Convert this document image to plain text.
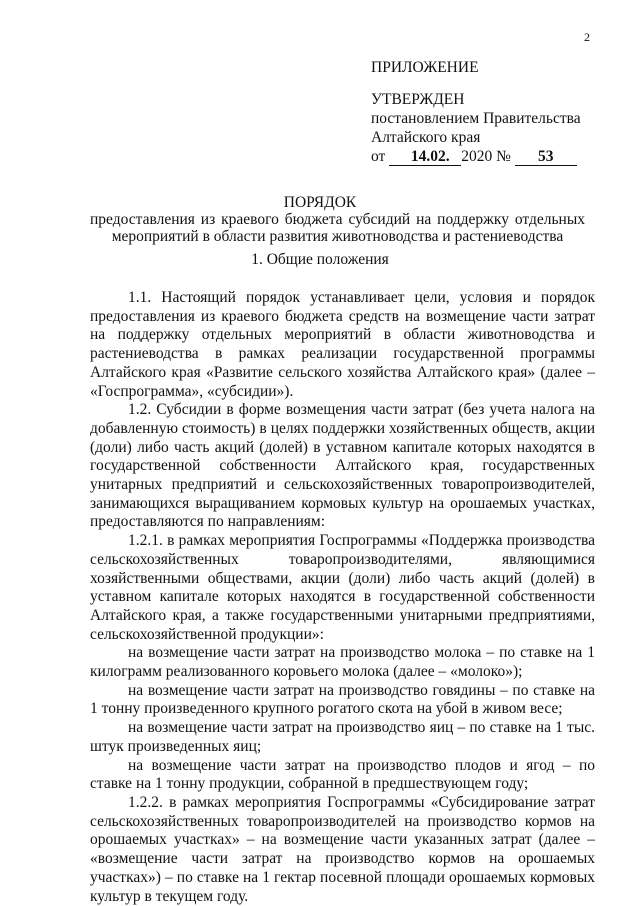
2

ПРИЛОЖЕНИЕ

УТВЕРЖДЕН

постановлением Правительства

Алтайского края

от 14.02. 2020 № 53

ПОРЯДОК
предоставления из краевого бюджета субсидий на поддержку отдельных мероприятий в области развития животноводства и растениеводства
1. Общие положения

1.1. Настоящий порядок устанавливает цели, условия и порядок предоставления из краевого бюджета средств на возмещение части затрат на поддержку отдельных мероприятий в области животноводства и растениеводства в рамках реализации государственной программы Алтайского края «Развитие сельского хозяйства Алтайского края» (далее – «Госпрограмма», «субсидии»).

1.2. Субсидии в форме возмещения части затрат (без учета налога на добавленную стоимость) в целях поддержки хозяйственных обществ, акции (доли) либо часть акций (долей) в уставном капитале которых находятся в государственной собственности Алтайского края, государственных унитарных предприятий и сельскохозяйственных товаропроизводителей, занимающихся выращиванием кормовых культур на орошаемых участках, предоставляются по направлениям:

1.2.1. в рамках мероприятия Госпрограммы «Поддержка производства сельскохозяйственных товаропроизводителями, являющимися хозяйственными обществами, акции (доли) либо часть акций (долей) в уставном капитале которых находятся в государственной собственности Алтайского края, а также государственными унитарными предприятиями, сельскохозяйственной продукции»:

на возмещение части затрат на производство молока – по ставке на 1 килограмм реализованного коровьего молока (далее – «молоко»);

на возмещение части затрат на производство говядины – по ставке на 1 тонну произведенного крупного рогатого скота на убой в живом весе;

на возмещение части затрат на производство яиц – по ставке на 1 тыс. штук произведенных яиц;

на возмещение части затрат на производство плодов и ягод – по ставке на 1 тонну продукции, собранной в предшествующем году;

1.2.2. в рамках мероприятия Госпрограммы «Субсидирование затрат сельскохозяйственных товаропроизводителей на производство кормов на орошаемых участках» – на возмещение части указанных затрат (далее – «возмещение части затрат на производство кормов на орошаемых участках») – по ставке на 1 гектар посевной площади орошаемых кормовых культур в текущем году.
